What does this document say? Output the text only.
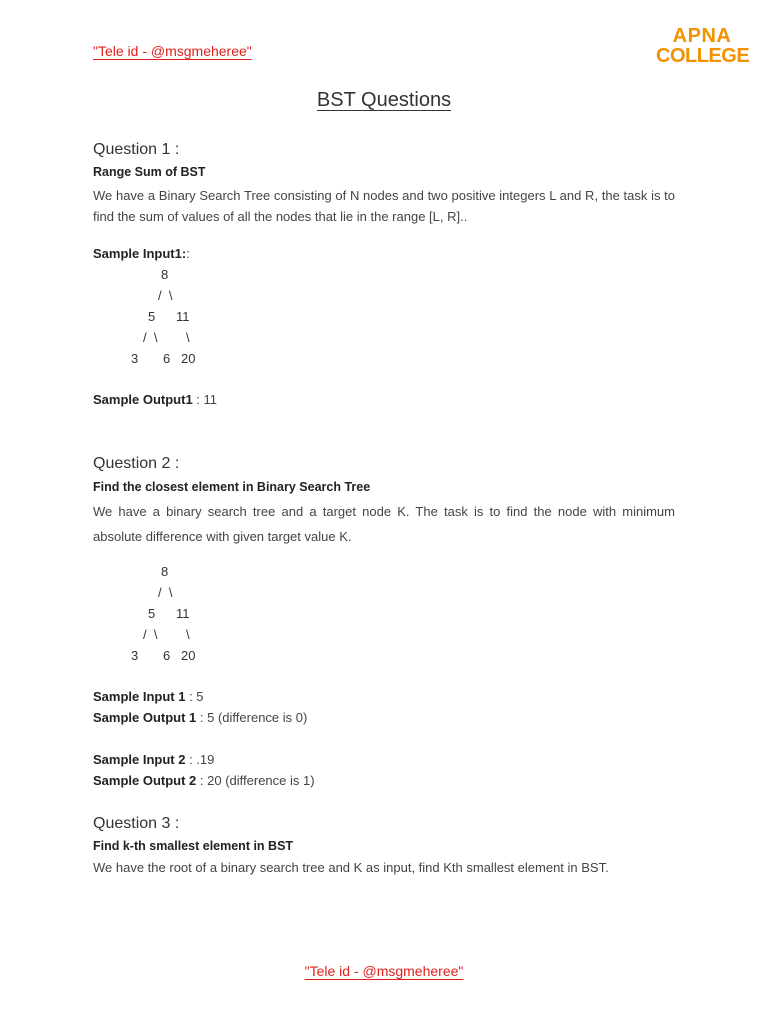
"Tele id - @msgmeheree"

APNA
COLLEGE
BST Questions

Question 1 :

Range Sum of BST

We have a Binary Search Tree consisting of N nodes and two positive integers L and R, the task is to find the sum of values of all the nodes that lie in the range [L, R]..

Sample Input1::

8
/  \
5 11
/  \ \
3 6 20

Sample Output1 : 11

Question 2 :

Find the closest element in Binary Search Tree

We have a binary search tree and a target node K. The task is to find the node with minimum

absolute difference with given target value K.

8
/  \
5 11
/  \ \
3 6 20

Sample Input 1 : 5

Sample Output 1 : 5 (difference is 0)

Sample Input 2 : .19

Sample Output 2 : 20 (difference is 1)

Question 3 :

Find k-th smallest element in BST

We have the root of a binary search tree and K as input, find Kth smallest element in BST.

"Tele id - @msgmeheree"
